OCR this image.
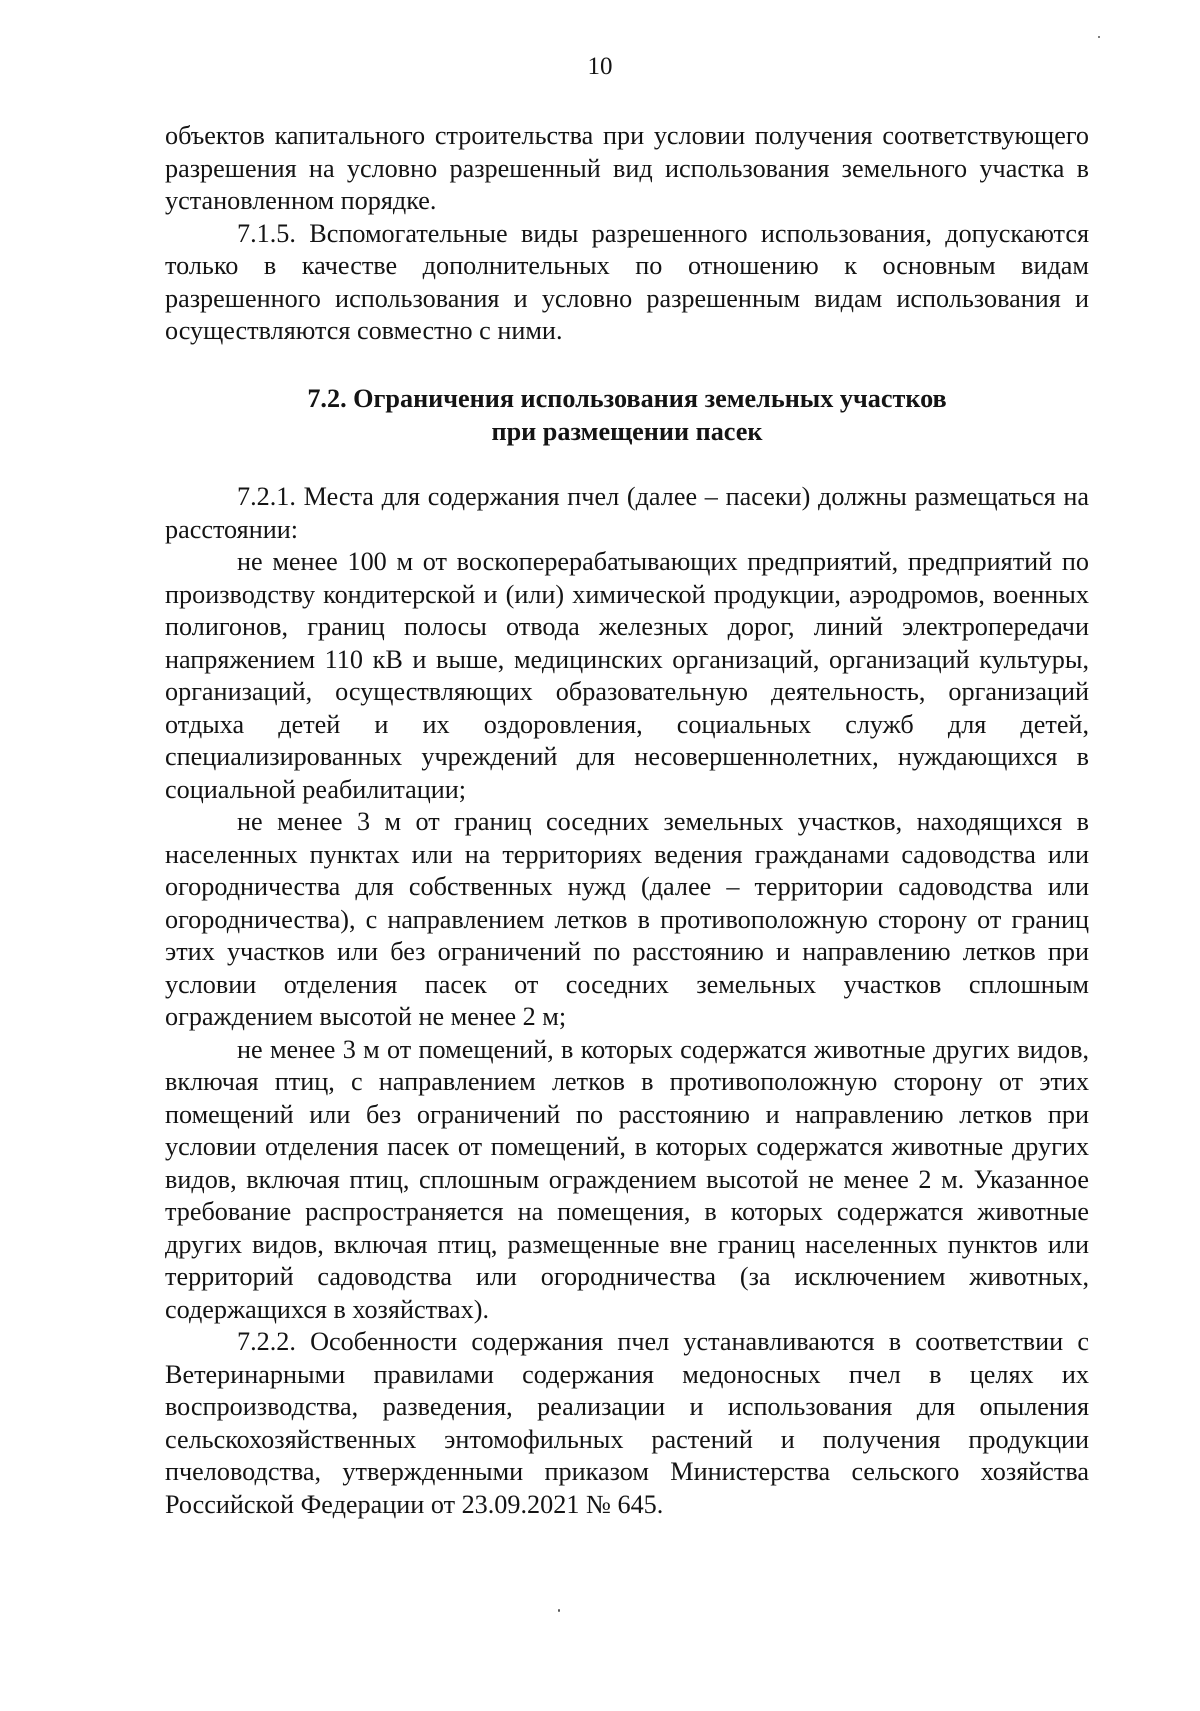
10

объектов капитального строительства при условии получения соответствующего разрешения на условно разрешенный вид использования земельного участка в установленном порядке.

7.1.5. Вспомогательные виды разрешенного использования, допускаются только в качестве дополнительных по отношению к основным видам разрешенного использования и условно разрешенным видам использования и осуществляются совместно с ними.

7.2. Ограничения использования земельных участков
при размещении пасек

7.2.1. Места для содержания пчел (далее – пасеки) должны размещаться на расстоянии:

не менее 100 м от воскоперерабатывающих предприятий, предприятий по производству кондитерской и (или) химической продукции, аэродромов, военных полигонов, границ полосы отвода железных дорог, линий электропередачи напряжением 110 кВ и выше, медицинских организаций, организаций культуры, организаций, осуществляющих образовательную деятельность, организаций отдыха детей и их оздоровления, социальных служб для детей, специализированных учреждений для несовершеннолетних, нуждающихся в социальной реабилитации;

не менее 3 м от границ соседних земельных участков, находящихся в населенных пунктах или на территориях ведения гражданами садоводства или огородничества для собственных нужд (далее – территории садоводства или огородничества), с направлением летков в противоположную сторону от границ этих участков или без ограничений по расстоянию и направлению летков при условии отделения пасек от соседних земельных участков сплошным ограждением высотой не менее 2 м;

не менее 3 м от помещений, в которых содержатся животные других видов, включая птиц, с направлением летков в противоположную сторону от этих помещений или без ограничений по расстоянию и направлению летков при условии отделения пасек от помещений, в которых содержатся животные других видов, включая птиц, сплошным ограждением высотой не менее 2 м. Указанное требование распространяется на помещения, в которых содержатся животные других видов, включая птиц, размещенные вне границ населенных пунктов или территорий садоводства или огородничества (за исключением животных, содержащихся в хозяйствах).

7.2.2. Особенности содержания пчел устанавливаются в соответствии с Ветеринарными правилами содержания медоносных пчел в целях их воспроизводства, разведения, реализации и использования для опыления сельскохозяйственных энтомофильных растений и получения продукции пчеловодства, утвержденными приказом Министерства сельского хозяйства Российской Федерации от 23.09.2021 № 645.
